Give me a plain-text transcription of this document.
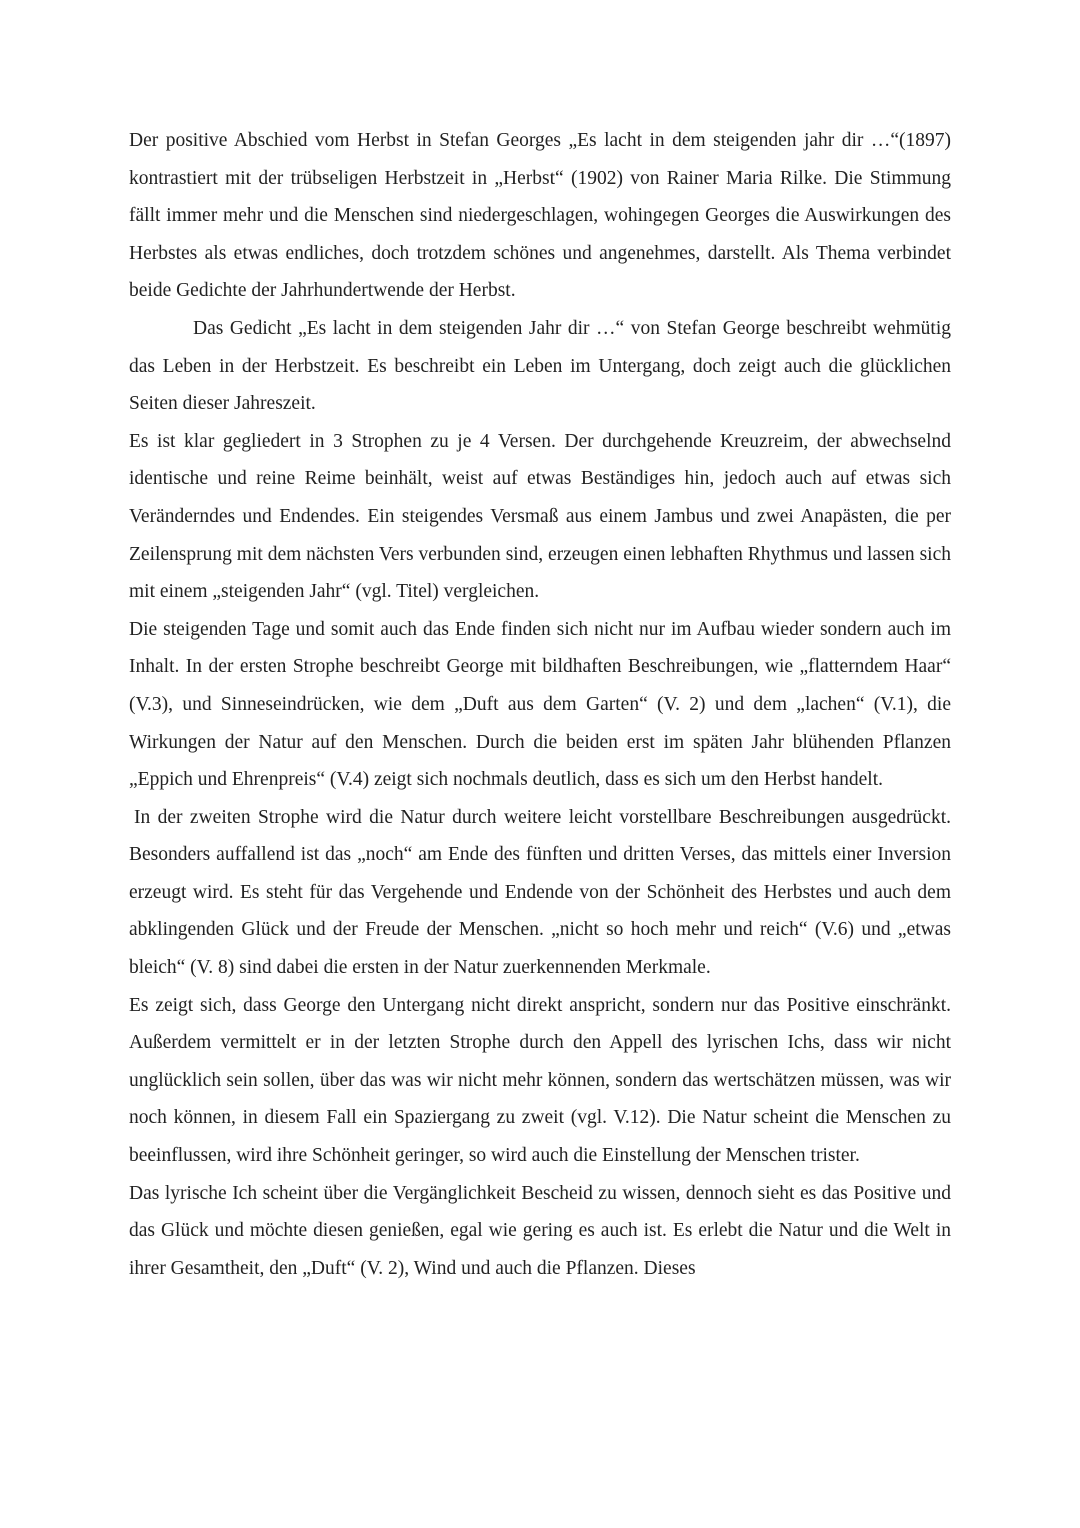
Der positive Abschied vom Herbst in Stefan Georges „Es lacht in dem steigenden jahr dir …“(1897) kontrastiert mit der trübseligen Herbstzeit in „Herbst“ (1902) von Rainer Maria Rilke. Die Stimmung fällt immer mehr und die Menschen sind niedergeschlagen, wohingegen Georges die Auswirkungen des Herbstes als etwas endliches, doch trotzdem schönes und angenehmes, darstellt. Als Thema verbindet beide Gedichte der Jahrhundertwende der Herbst.

Das Gedicht „Es lacht in dem steigenden Jahr dir …“ von Stefan George beschreibt wehmütig das Leben in der Herbstzeit. Es beschreibt ein Leben im Untergang, doch zeigt auch die glücklichen Seiten dieser Jahreszeit.

Es ist klar gegliedert in 3 Strophen zu je 4 Versen. Der durchgehende Kreuzreim, der abwechselnd identische und reine Reime beinhält, weist auf etwas Beständiges hin, jedoch auch auf etwas sich Veränderndes und Endendes. Ein steigendes Versmaß aus einem Jambus und zwei Anapästen, die per Zeilensprung mit dem nächsten Vers verbunden sind, erzeugen einen lebhaften Rhythmus und lassen sich mit einem „steigenden Jahr“ (vgl. Titel) vergleichen.

Die steigenden Tage und somit auch das Ende finden sich nicht nur im Aufbau wieder sondern auch im Inhalt. In der ersten Strophe beschreibt George mit bildhaften Beschreibungen, wie „flatterndem Haar“ (V.3), und Sinneseindrücken, wie dem „Duft aus dem Garten“ (V. 2) und dem „lachen“ (V.1), die Wirkungen der Natur auf den Menschen. Durch die beiden erst im späten Jahr blühenden Pflanzen „Eppich und Ehrenpreis“ (V.4) zeigt sich nochmals deutlich, dass es sich um den Herbst handelt.

In der zweiten Strophe wird die Natur durch weitere leicht vorstellbare Beschreibungen ausgedrückt. Besonders auffallend ist das „noch“ am Ende des fünften und dritten Verses, das mittels einer Inversion erzeugt wird. Es steht für das Vergehende und Endende von der Schönheit des Herbstes und auch dem abklingenden Glück und der Freude der Menschen. „nicht so hoch mehr und reich“ (V.6) und „etwas bleich“ (V. 8) sind dabei die ersten in der Natur zuerkennenden Merkmale.

Es zeigt sich, dass George den Untergang nicht direkt anspricht, sondern nur das Positive einschränkt. Außerdem vermittelt er in der letzten Strophe durch den Appell des lyrischen Ichs, dass wir nicht unglücklich sein sollen, über das was wir nicht mehr können, sondern das wertschätzen müssen, was wir noch können, in diesem Fall ein Spaziergang zu zweit (vgl. V.12). Die Natur scheint die Menschen zu beeinflussen, wird ihre Schönheit geringer, so wird auch die Einstellung der Menschen trister.

Das lyrische Ich scheint über die Vergänglichkeit Bescheid zu wissen, dennoch sieht es das Positive und das Glück und möchte diesen genießen, egal wie gering es auch ist. Es erlebt die Natur und die Welt in ihrer Gesamtheit, den „Duft“ (V. 2), Wind und auch die Pflanzen. Dieses
